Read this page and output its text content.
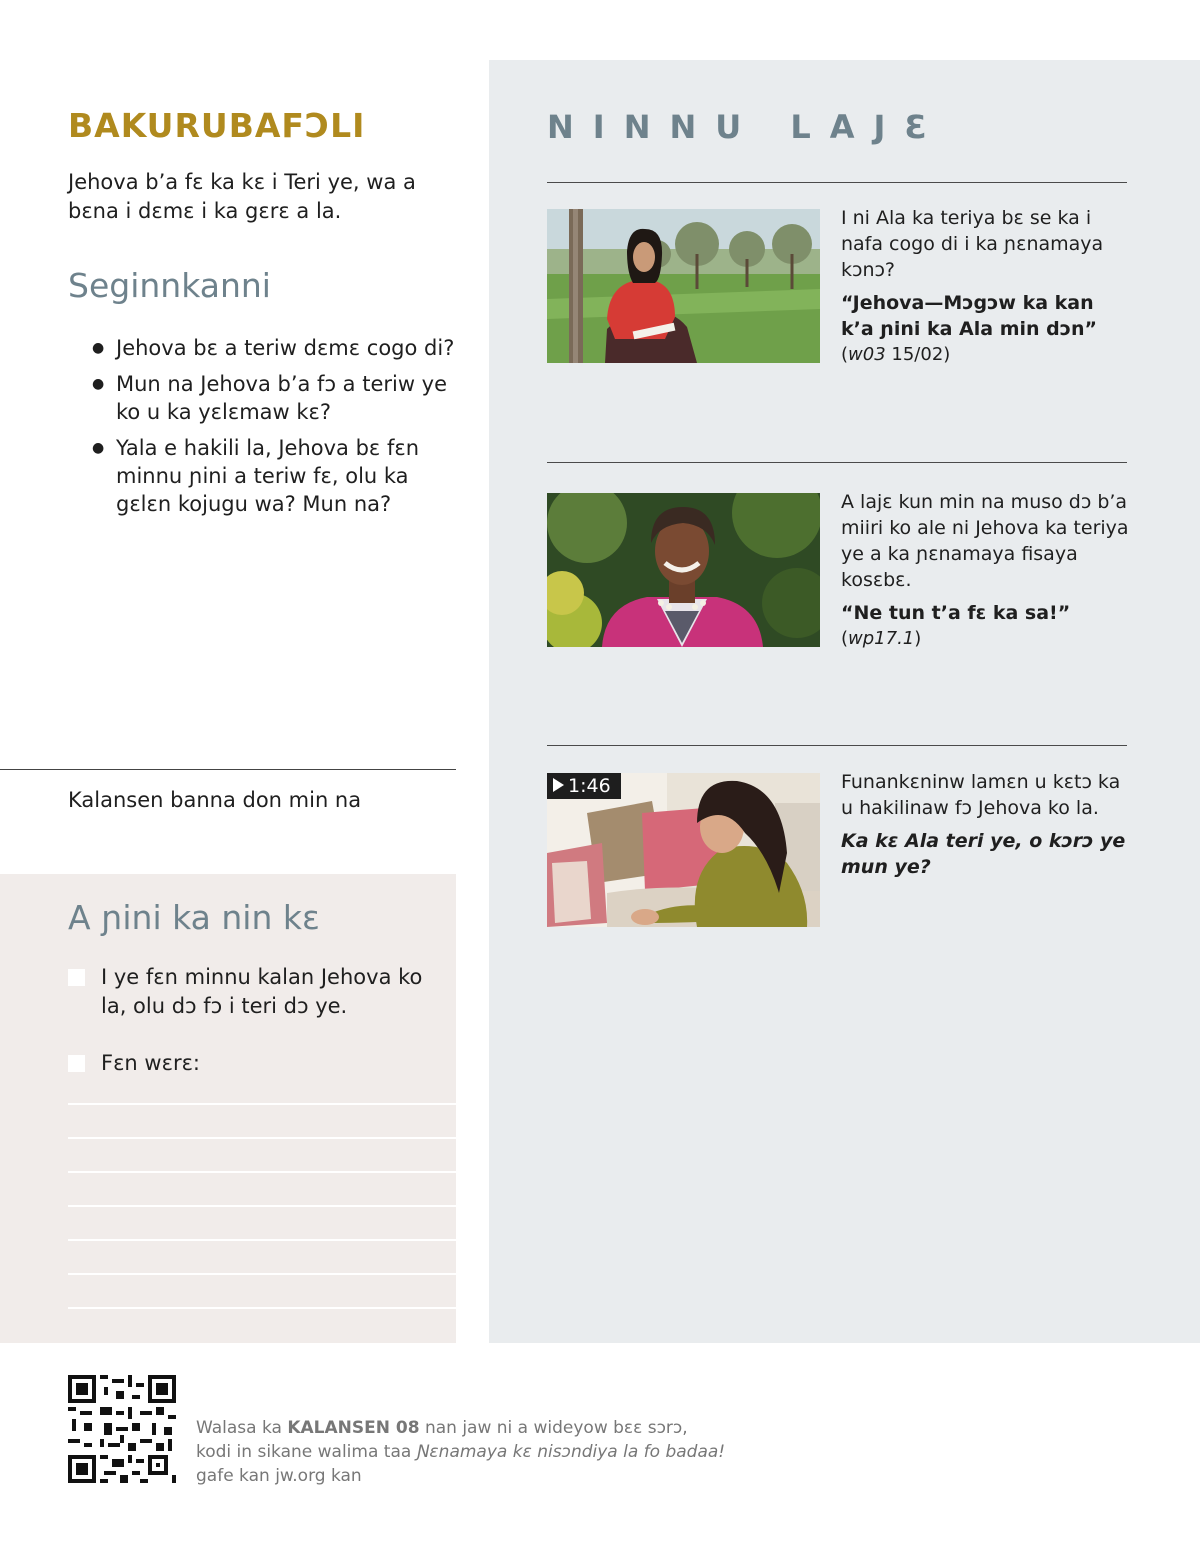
BAKURUBAFƆLI
Jehova b’a fɛ ka kɛ i Teri ye, wa a bɛna i dɛmɛ i ka gɛrɛ a la.
Seginnkanni
● Jehova bɛ a teriw dɛmɛ cogo di?
● Mun na Jehova b’a fɔ a teriw ye ko u ka yɛlɛmaw kɛ?
● Yala e hakili la, Jehova bɛ fɛn minnu ɲini a teriw fɛ, olu ka gɛlɛn kojugu wa? Mun na?
Kalansen banna don min na
A ɲini ka nin kɛ
I ye fɛn minnu kalan Jehova ko la, olu dɔ fɔ i teri dɔ ye.
Fɛn wɛrɛ:
NINNU LAJƐ
I ni Ala ka teriya bɛ se ka i nafa cogo di i ka ɲɛnamaya kɔnɔ?
“Jehova—Mɔgɔw ka kan k’a ɲini ka Ala min dɔn”
(w03 15/02)
A lajɛ kun min na muso dɔ b’a miiri ko ale ni Jehova ka teriya ye a ka ɲɛnamaya fisaya kosɛbɛ.
“Ne tun t’a fɛ ka sa!”
(wp17.1)
1:46	Funankɛninw lamɛn u kɛtɔ ka u hakilinaw fɔ Jehova ko la.
Ka kɛ Ala teri ye, o kɔrɔ ye mun ye?
Walasa ka KALANSEN 08 nan jaw ni a wideyow bɛɛ sɔrɔ,
kodi in sikane walima taa Ɲɛnamaya kɛ nisɔndiya la fo badaa!
gafe kan jw.org kan
